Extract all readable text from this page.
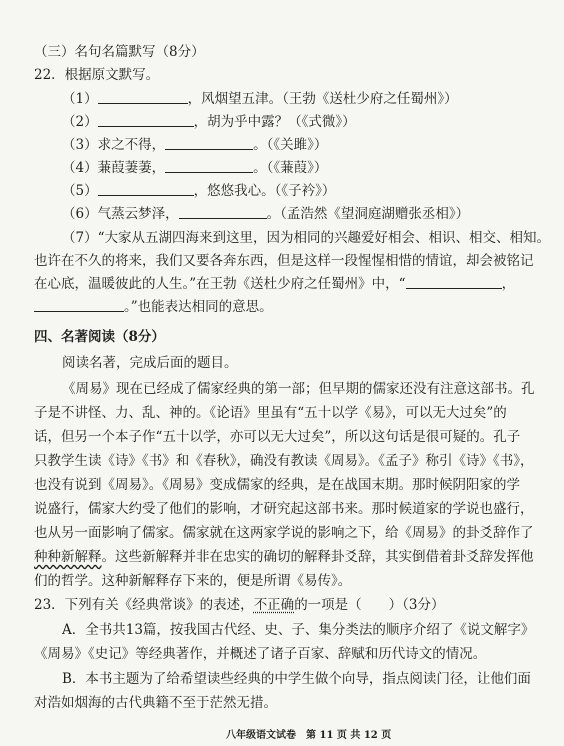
（三）名句名篇默写（8分）
22．根据原文默写。
（1）	，风烟望五津。（王勃《送杜少府之任蜀州》）
（2）	，胡为乎中露？（《式微》）
（3）求之不得，	。（《关雎》）
（4）蒹葭萋萋，	。（《蒹葭》）
（5）	，悠悠我心。（《子衿》）
（6）气蒸云梦泽，	。（孟浩然《望洞庭湖赠张丞相》）
（7）“大家从五湖四海来到这里，因为相同的兴趣爱好相会、相识、相交、相知。
也许在不久的将来，我们又要各奔东西，但是这样一段惺惺相惜的情谊，却会被铭记
在心底，温暖彼此的人生。”在王勃《送杜少府之任蜀州》中，“	，
。”也能表达相同的意思。
四、名著阅读（8分）
阅读名著，完成后面的题目。
《周易》现在已经成了儒家经典的第一部；但早期的儒家还没有注意这部书。孔
子是不讲怪、力、乱、神的。《论语》里虽有“五十以学《易》，可以无大过矣”的
话，但另一个本子作“五十以学，亦可以无大过矣”，所以这句话是很可疑的。孔子
只教学生读《诗》《书》和《春秋》，确没有教读《周易》。《孟子》称引《诗》《书》，
也没有说到《周易》。《周易》变成儒家的经典，是在战国末期。那时候阴阳家的学
说盛行，儒家大约受了他们的影响，才研究起这部书来。那时候道家的学说也盛行，
也从另一面影响了儒家。儒家就在这两家学说的影响之下，给《周易》的卦爻辞作了
种种新解释。这些新解释并非在忠实的确切的解释卦爻辞，其实倒借着卦爻辞发挥他
们的哲学。这种新解释存下来的，便是所谓《易传》。
23．下列有关《经典常谈》的表述，不正确的一项是（　　）（3分）
A．全书共13篇，按我国古代经、史、子、集分类法的顺序介绍了《说文解字》
《周易》《史记》等经典著作，并概述了诸子百家、辞赋和历代诗文的情况。
B．本书主题为了给希望读些经典的中学生做个向导，指点阅读门径，让他们面
对浩如烟海的古代典籍不至于茫然无措。
八年级语文试卷　第 11 页 共 12 页
